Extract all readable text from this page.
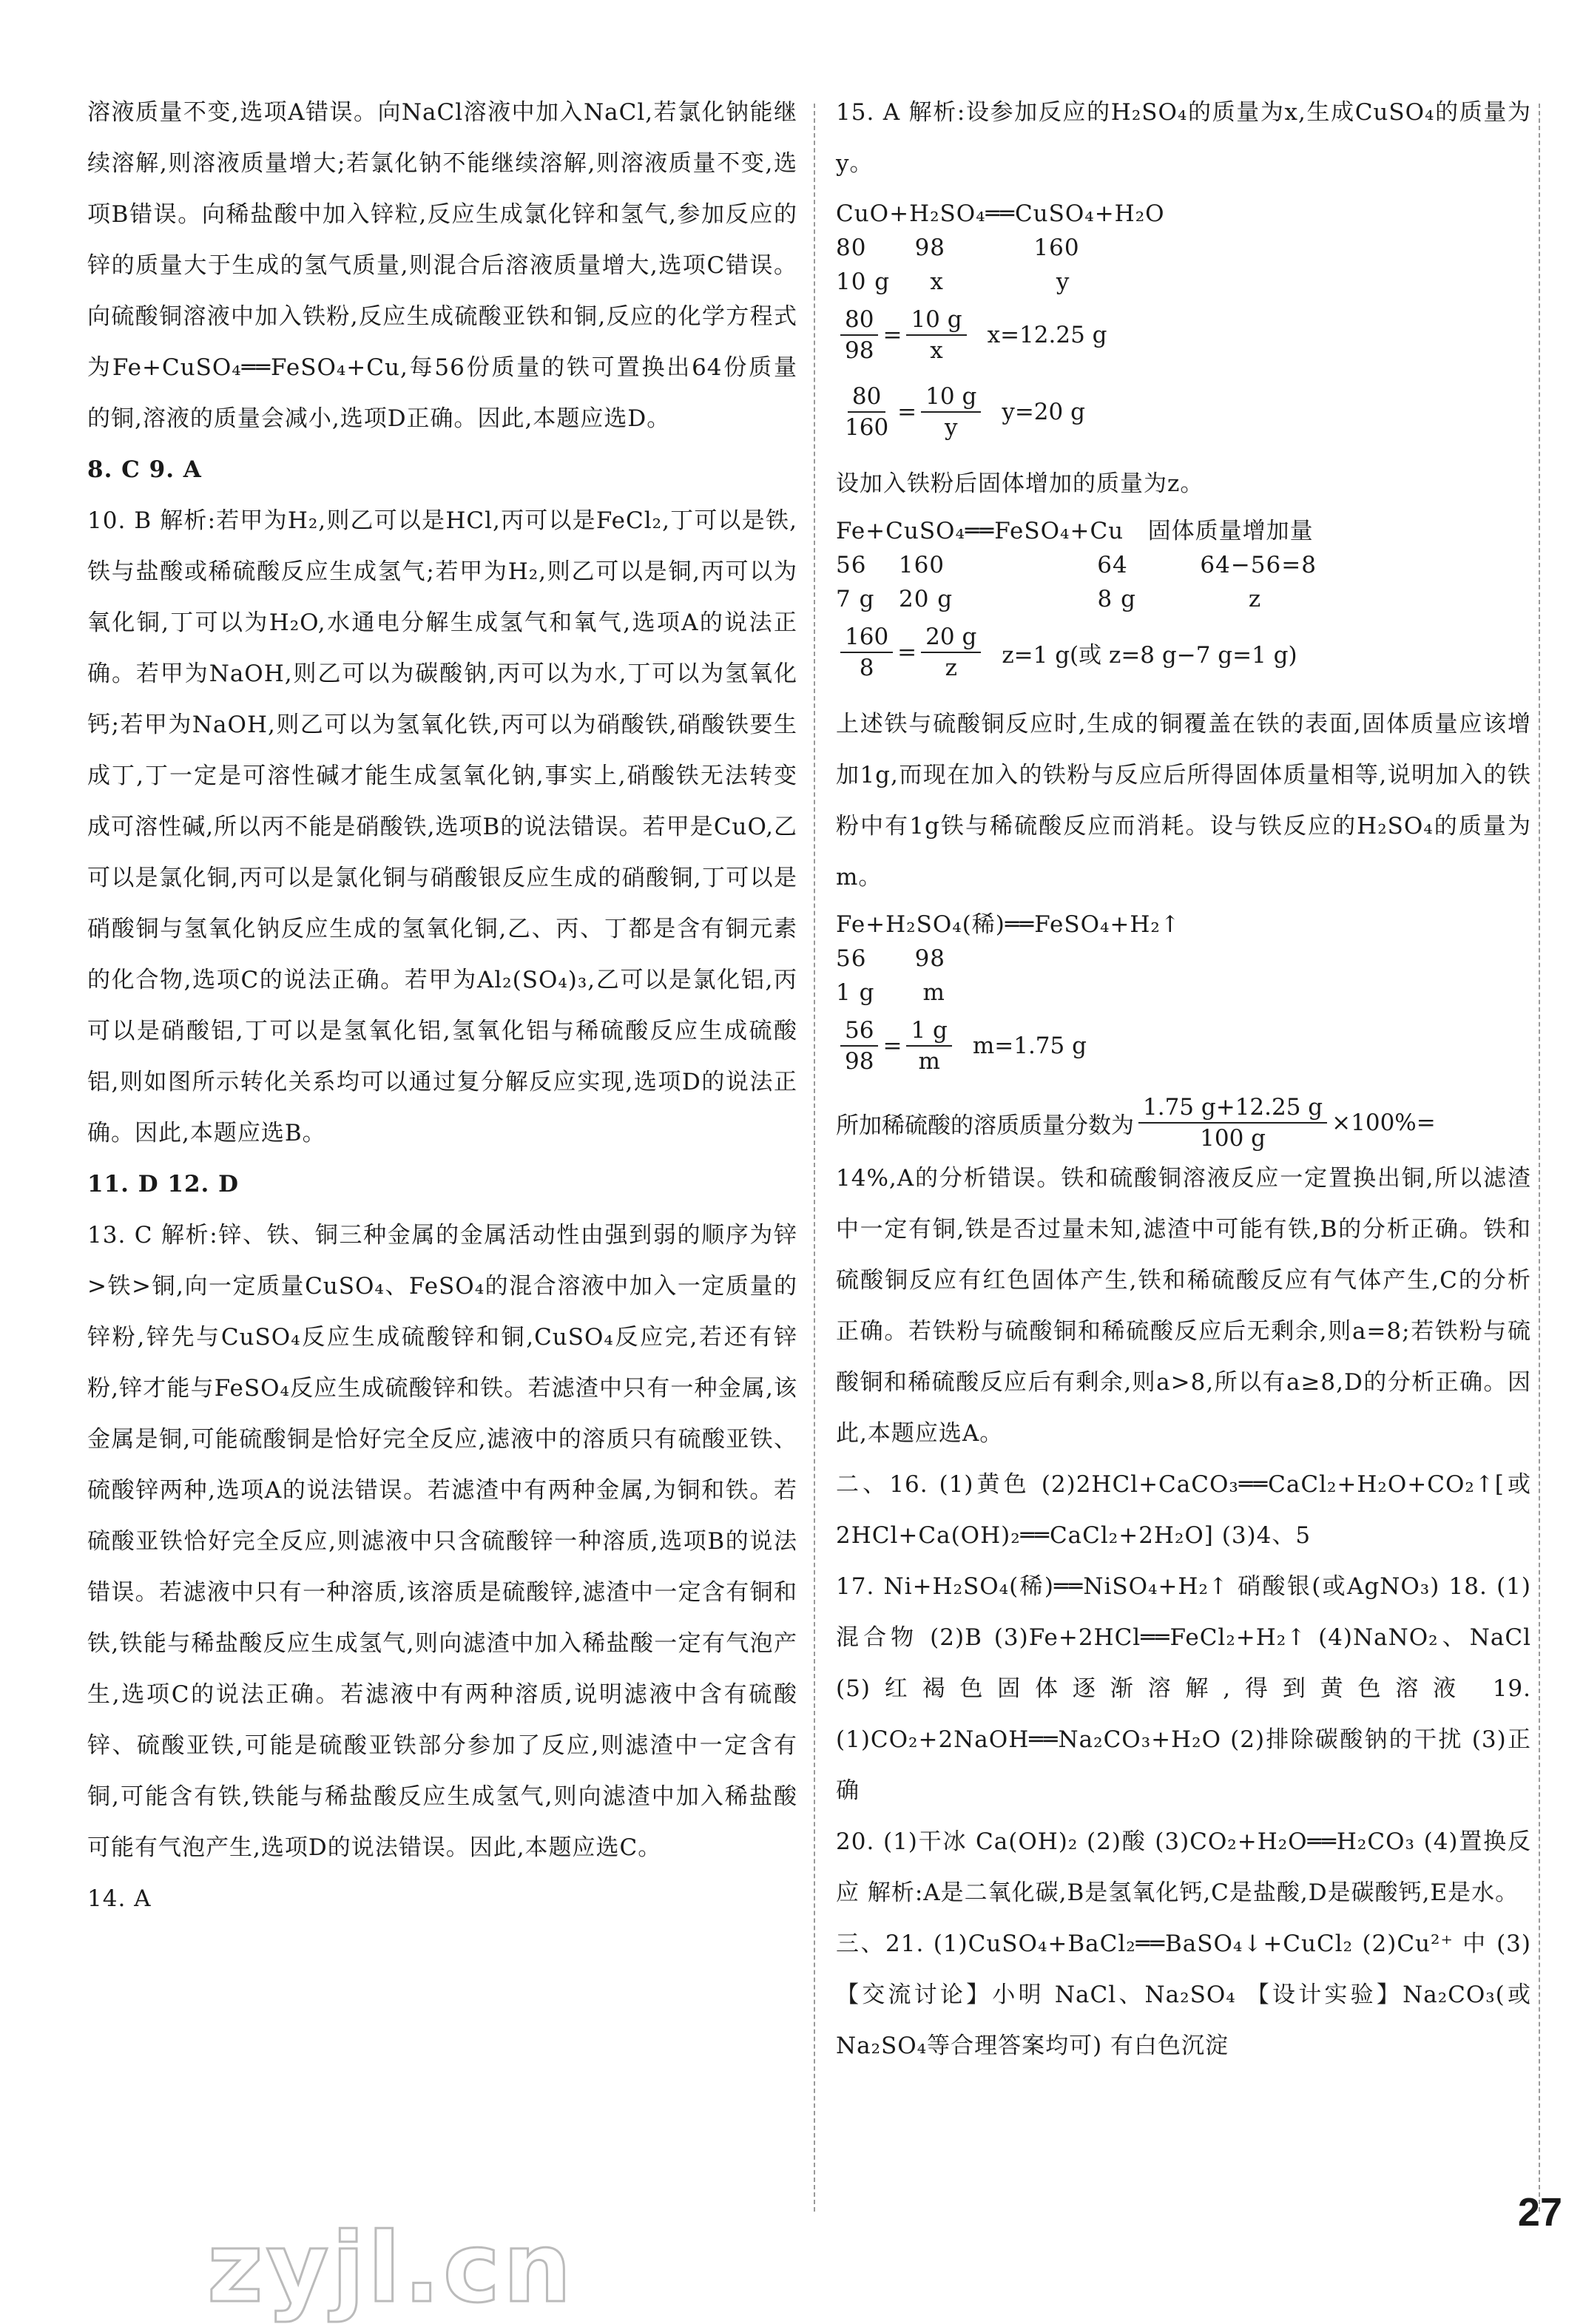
溶液质量不变,选项A错误。向NaCl溶液中加入NaCl,若氯化钠能继续溶解,则溶液质量增大;若氯化钠不能继续溶解,则溶液质量不变,选项B错误。向稀盐酸中加入锌粒,反应生成氯化锌和氢气,参加反应的锌的质量大于生成的氢气质量,则混合后溶液质量增大,选项C错误。向硫酸铜溶液中加入铁粉,反应生成硫酸亚铁和铜,反应的化学方程式为Fe+CuSO₄══FeSO₄+Cu,每56份质量的铁可置换出64份质量的铜,溶液的质量会减小,选项D正确。因此,本题应选D。

8. C 9. A

10. B 解析:若甲为H₂,则乙可以是HCl,丙可以是FeCl₂,丁可以是铁,铁与盐酸或稀硫酸反应生成氢气;若甲为H₂,则乙可以是铜,丙可以为氧化铜,丁可以为H₂O,水通电分解生成氢气和氧气,选项A的说法正确。若甲为NaOH,则乙可以为碳酸钠,丙可以为水,丁可以为氢氧化钙;若甲为NaOH,则乙可以为氢氧化铁,丙可以为硝酸铁,硝酸铁要生成丁,丁一定是可溶性碱才能生成氢氧化钠,事实上,硝酸铁无法转变成可溶性碱,所以丙不能是硝酸铁,选项B的说法错误。若甲是CuO,乙可以是氯化铜,丙可以是氯化铜与硝酸银反应生成的硝酸铜,丁可以是硝酸铜与氢氧化钠反应生成的氢氧化铜,乙、丙、丁都是含有铜元素的化合物,选项C的说法正确。若甲为Al₂(SO₄)₃,乙可以是氯化铝,丙可以是硝酸铝,丁可以是氢氧化铝,氢氧化铝与稀硫酸反应生成硫酸铝,则如图所示转化关系均可以通过复分解反应实现,选项D的说法正确。因此,本题应选B。

11. D 12. D

13. C 解析:锌、铁、铜三种金属的金属活动性由强到弱的顺序为锌>铁>铜,向一定质量CuSO₄、FeSO₄的混合溶液中加入一定质量的锌粉,锌先与CuSO₄反应生成硫酸锌和铜,CuSO₄反应完,若还有锌粉,锌才能与FeSO₄反应生成硫酸锌和铁。若滤渣中只有一种金属,该金属是铜,可能硫酸铜是恰好完全反应,滤液中的溶质只有硫酸亚铁、硫酸锌两种,选项A的说法错误。若滤渣中有两种金属,为铜和铁。若硫酸亚铁恰好完全反应,则滤液中只含硫酸锌一种溶质,选项B的说法错误。若滤液中只有一种溶质,该溶质是硫酸锌,滤渣中一定含有铜和铁,铁能与稀盐酸反应生成氢气,则向滤渣中加入稀盐酸一定有气泡产生,选项C的说法正确。若滤液中有两种溶质,说明滤液中含有硫酸锌、硫酸亚铁,可能是硫酸亚铁部分参加了反应,则滤渣中一定含有铜,可能含有铁,铁能与稀盐酸反应生成氢气,则向滤渣中加入稀盐酸可能有气泡产生,选项D的说法错误。因此,本题应选C。

14. A

15. A 解析:设参加反应的H₂SO₄的质量为x,生成CuSO₄的质量为y。

CuO+H₂SO₄══CuSO₄+H₂O

80      98           160

10 g     x              y

$\frac{80}{98} = \frac{10 g}{x} x=12.25$ g
$\frac{80}{160} = \frac{10 g}{y} y=20$ g

设加入铁粉后固体增加的质量为z。

Fe+CuSO₄══FeSO₄+Cu   固体质量增加量

56    160                   64         64−56=8

7 g   20 g                  8 g              z

$\frac{160}{8} = \frac{20 g}{z} z=1$ g(或 z=8 g−7 g=1 g)

上述铁与硫酸铜反应时,生成的铜覆盖在铁的表面,固体质量应该增加1g,而现在加入的铁粉与反应后所得固体质量相等,说明加入的铁粉中有1g铁与稀硫酸反应而消耗。设与铁反应的H₂SO₄的质量为m。

Fe+H₂SO₄(稀)══FeSO₄+H₂↑

56      98

1 g      m

$\frac{56}{98} = \frac{1 g}{m} m=1.75$ g
所加稀硫酸的溶质质量分数为 $\frac{1.75 g+12.25 g}{100 g} \times 100\%=$

14%,A的分析错误。铁和硫酸铜溶液反应一定置换出铜,所以滤渣中一定有铜,铁是否过量未知,滤渣中可能有铁,B的分析正确。铁和硫酸铜反应有红色固体产生,铁和稀硫酸反应有气体产生,C的分析正确。若铁粉与硫酸铜和稀硫酸反应后无剩余,则a=8;若铁粉与硫酸铜和稀硫酸反应后有剩余,则a>8,所以有a≥8,D的分析正确。因此,本题应选A。

二、16. (1)黄色 (2)2HCl+CaCO₃══CaCl₂+H₂O+CO₂↑[或2HCl+Ca(OH)₂══CaCl₂+2H₂O] (3)4、5

17. Ni+H₂SO₄(稀)══NiSO₄+H₂↑ 硝酸银(或AgNO₃) 18. (1)混合物 (2)B (3)Fe+2HCl══FeCl₂+H₂↑ (4)NaNO₂、NaCl (5)红褐色固体逐渐溶解,得到黄色溶液 19. (1)CO₂+2NaOH══Na₂CO₃+H₂O (2)排除碳酸钠的干扰 (3)正确

20. (1)干冰 Ca(OH)₂ (2)酸 (3)CO₂+H₂O══H₂CO₃ (4)置换反应 解析:A是二氧化碳,B是氢氧化钙,C是盐酸,D是碳酸钙,E是水。

三、21. (1)CuSO₄+BaCl₂══BaSO₄↓+CuCl₂ (2)Cu²⁺ 中 (3)【交流讨论】小明 NaCl、Na₂SO₄ 【设计实验】Na₂CO₃(或Na₂SO₄等合理答案均可) 有白色沉淀

27
zyjl.cn
